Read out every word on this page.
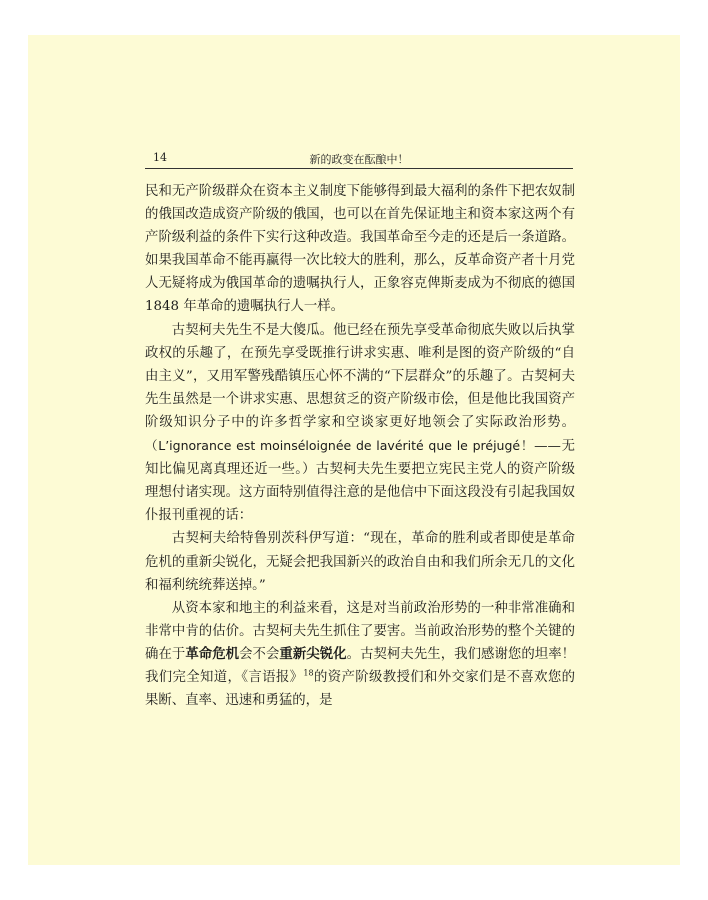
14	新的政变在酝酿中！

民和无产阶级群众在资本主义制度下能够得到最大福利的条件下把农奴制的俄国改造成资产阶级的俄国，也可以在首先保证地主和资本家这两个有产阶级利益的条件下实行这种改造。我国革命至今走的还是后一条道路。如果我国革命不能再赢得一次比较大的胜利，那么，反革命资产者十月党人无疑将成为俄国革命的遗嘱执行人，正象容克俾斯麦成为不彻底的德国 1848 年革命的遗嘱执行人一样。

古契柯夫先生不是大傻瓜。他已经在预先享受革命彻底失败以后执掌政权的乐趣了，在预先享受既推行讲求实惠、唯利是图的资产阶级的“自由主义”，又用军警残酷镇压心怀不满的“下层群众”的乐趣了。古契柯夫先生虽然是一个讲求实惠、思想贫乏的资产阶级市侩，但是他比我国资产阶级知识分子中的许多哲学家和空谈家更好地领会了实际政治形势。（L’ignorance est moinséloignée de lavérité que le préjugé！——无知比偏见离真理还近一些。）古契柯夫先生要把立宪民主党人的资产阶级理想付诸实现。这方面特别值得注意的是他信中下面这段没有引起我国奴仆报刊重视的话：

古契柯夫给特鲁别茨科伊写道：“现在，革命的胜利或者即使是革命危机的重新尖锐化，无疑会把我国新兴的政治自由和我们所余无几的文化和福利统统葬送掉。”

从资本家和地主的利益来看，这是对当前政治形势的一种非常准确和非常中肯的估价。古契柯夫先生抓住了要害。当前政治形势的整个关键的确在于革命危机会不会重新尖锐化。古契柯夫先生，我们感谢您的坦率！我们完全知道，《言语报》$^{18}$的资产阶级教授们和外交家们是不喜欢您的果断、直率、迅速和勇猛的，是
